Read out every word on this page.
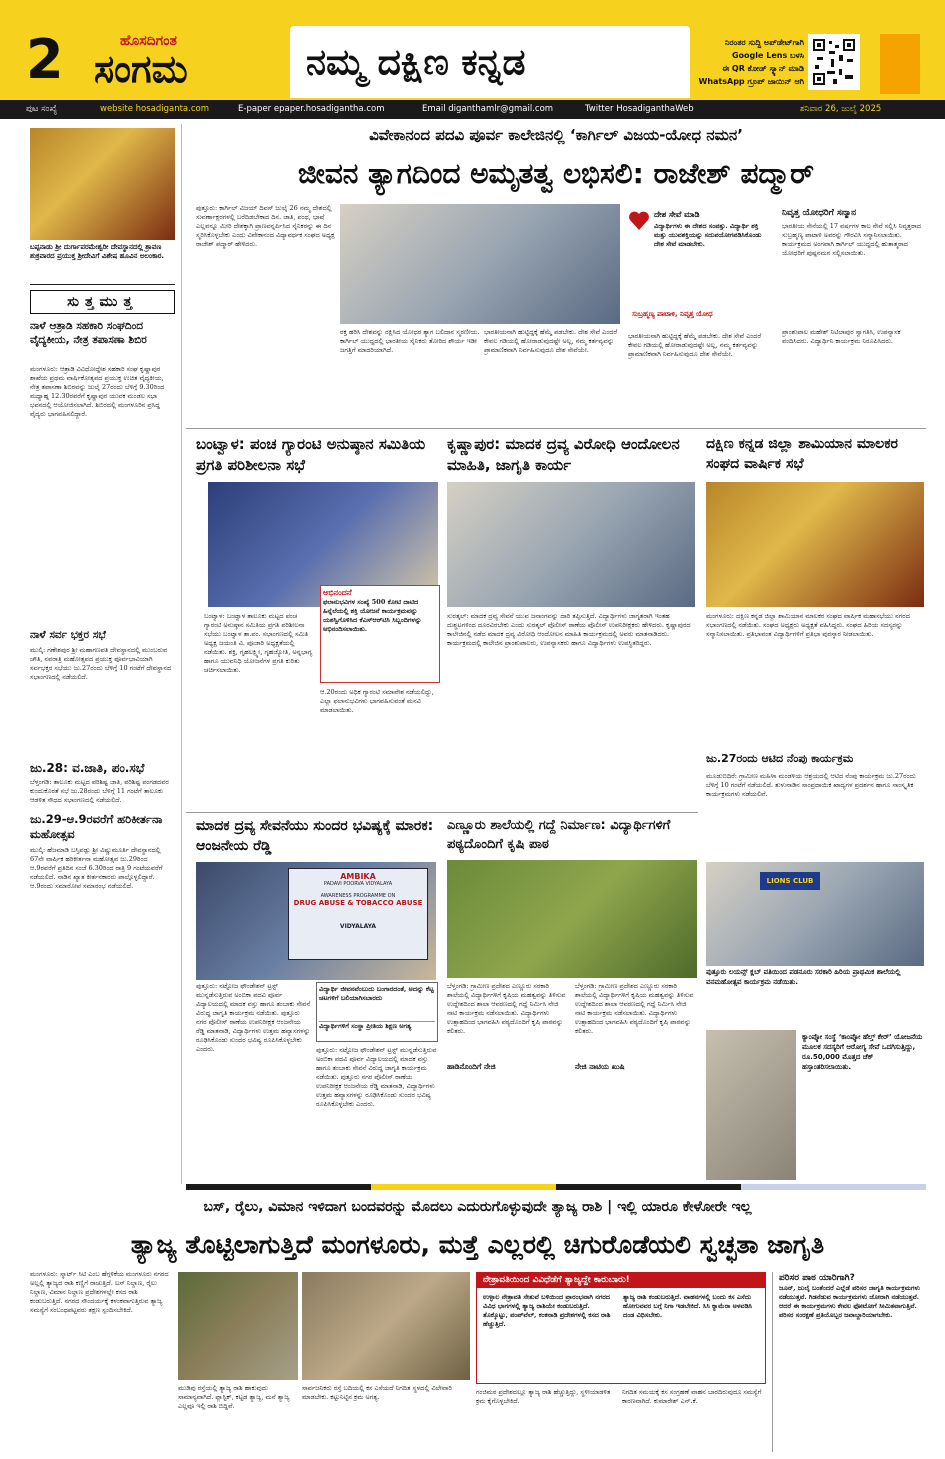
2	ಹೊಸದಿಗಂತ
ಸಂಗಮ	ನಮ್ಮ ದಕ್ಷಿಣ ಕನ್ನಡ	ನಿರಂತರ ಸುದ್ದಿ ಅಪ್‌ಡೇಟ್‌ಗಾಗಿ
Google Lens ಬಳಸಿ
ಈ QR ಕೋಡ್ ಸ್ಕ್ಯಾನ್ ಮಾಡಿ
WhatsApp ಗ್ರೂಪ್ ಜಾಯಿನ್ ಆಗಿ
ಪುಟ ಸಂಖ್ಯೆ	website hosadiganta.com	E-paper epaper.hosadigantha.com	Email diganthamlr@gmail.com	Twitter HosadiganthaWeb	ಶನಿವಾರ 26, ಜುಲೈ 2025
ಬಪ್ಪನಾಡು ಶ್ರೀ ದುರ್ಗಾಪರಮೇಶ್ವರೀ ದೇವಸ್ಥಾನದಲ್ಲಿ ಶ್ರಾವಣ ಶುಕ್ರವಾರದ ಪ್ರಯುಕ್ತ ಶ್ರೀದೇವಿಗೆ ವಿಶೇಷ ಹೂವಿನ ಅಲಂಕಾರ.
ಸುತ್ತಮುತ್ತ
ನಾಳೆ ಆತ್ರಾಡಿ ಸಹಕಾರಿ ಸಂಘದಿಂದ ವೈದ್ಯಕೀಯ, ನೇತ್ರ ತಪಾಸಣಾ ಶಿಬಿರ
ಮಂಗಳೂರು: ಆತ್ರಾಡಿ ವಿವಿಧೋದ್ದೇಶ ಸಹಕಾರಿ ಸಂಘ ಕೃಷ್ಣಾಪುರ ಶಾಖೆಯ ಪ್ರಥಮ ವಾರ್ಷಿಕೋತ್ಸವದ ಪ್ರಯುಕ್ತ ಉಚಿತ ವೈದ್ಯಕೀಯ, ನೇತ್ರ ತಪಾಸಣಾ ಶಿಬಿರವನ್ನು ಜುಲೈ 27ರಂದು ಬೆಳಿಗ್ಗೆ 9.30ರಿಂದ ಮಧ್ಯಾಹ್ನ 12.30ರವರೆಗೆ ಕೃಷ್ಣಾಪುರ ಯುವಕ ಮಂಡಲ ಸಭಾ ಭವನದಲ್ಲಿ ಆಯೋಜಿಸಲಾಗಿದೆ. ಶಿಬಿರದಲ್ಲಿ ಮಂಗಳೂರಿನ ಪ್ರಸಿದ್ಧ ವೈದ್ಯರು ಭಾಗವಹಿಸಲಿದ್ದಾರೆ.
ನಾಳೆ ಸರ್ವ ಭಕ್ತರ ಸಭೆ
ಮುಲ್ಕಿ: ಗಣೇಶಪುರ ಶ್ರೀ ಮಹಾಗಣಪತಿ ದೇವಸ್ಥಾನದಲ್ಲಿ ಮುಂಬರುವ ಚೌತಿ, ನವರಾತ್ರಿ ಮಹೋತ್ಸವದ ಪ್ರಯುಕ್ತ ಪೂರ್ವಭಾವಿಯಾಗಿ ಸರ್ವಭಕ್ತರ ಸಭೆಯು ಜು.27ರಂದು ಬೆಳಿಗ್ಗೆ 10 ಗಂಟೆಗೆ ದೇವಸ್ಥಾನದ ಸಭಾಂಗಣದಲ್ಲಿ ನಡೆಯಲಿದೆ.
ಜು.28: ವ.ಜಾತಿ, ಪಂ.ಸಭೆ
ಬೆಳ್ತಂಗಡಿ: ತಾಲೂಕು ಮಟ್ಟದ ಪರಿಶಿಷ್ಟ ಜಾತಿ, ಪರಿಶಿಷ್ಟ ಪಂಗಡದವರ ಕುಂದುಕೊರತೆ ಸಭೆ ಜು.28ರಂದು ಬೆಳಿಗ್ಗೆ 11 ಗಂಟೆಗೆ ತಾಲೂಕು ಆಡಳಿತ ಸೌಧದ ಸಭಾಂಗಣದಲ್ಲಿ ನಡೆಯಲಿದೆ.
ಜು.29-ಆ.9ರವರೆಗೆ ಹರಿಕೀರ್ತನಾ ಮಹೋತ್ಸವ
ಮುಲ್ಕಿ: ಹೆಜಮಾಡಿ ಬಸ್ತಿಪಡ್ಪು ಶ್ರೀ ವಿಷ್ಣುಮೂರ್ತಿ ದೇವಸ್ಥಾನದಲ್ಲಿ 67ನೇ ವಾರ್ಷಿಕ ಹರಿಕೀರ್ತನಾ ಮಹೋತ್ಸವ ಜು.29ರಿಂದ ಆ.9ರವರೆಗೆ ಪ್ರತಿದಿನ ಸಂಜೆ 6.30ರಿಂದ ರಾತ್ರಿ 9 ಗಂಟೆಯವರೆಗೆ ನಡೆಯಲಿದೆ. ನಾಡಿನ ಖ್ಯಾತ ಕೀರ್ತನಕಾರರು ಪಾಲ್ಗೊಳ್ಳಲಿದ್ದಾರೆ. ಆ.9ರಂದು ಸಮಾರೋಪ ಸಮಾರಂಭ ನಡೆಯಲಿದೆ.
ವಿವೇಕಾನಂದ ಪದವಿ ಪೂರ್ವ ಕಾಲೇಜಿನಲ್ಲಿ ‘ಕಾರ್ಗಿಲ್ ವಿಜಯ-ಯೋಧ ನಮನ’
ಜೀವನ ತ್ಯಾಗದಿಂದ ಅಮೃತತ್ವ ಲಭಿಸಲಿ: ರಾಜೇಶ್ ಪದ್ಮಾರ್
ಪುತ್ತೂರು: ಕಾರ್ಗಿಲ್ ವಿಜಯ್ ದಿವಸ್ ಜುಲೈ 26 ನಮ್ಮ ದೇಶದಲ್ಲಿ ಸುವರ್ಣಾಕ್ಷರಗಳಲ್ಲಿ ಬರೆದಿಡಬೇಕಾದ ದಿನ. ಜಾತಿ, ಪಂಥ, ಭಾಷೆ ಎಲ್ಲವನ್ನೂ ಮೀರಿ ದೇಶಕ್ಕಾಗಿ ಪ್ರಾಣವನ್ನರ್ಪಿಸಿದ ಸೈನಿಕರನ್ನು ಈ ದಿನ ಸ್ಮರಿಸಿಕೊಳ್ಳಬೇಕು ಎಂದು ವಿವೇಕಾನಂದ ವಿದ್ಯಾವರ್ಧಕ ಸಂಘದ ಅಧ್ಯಕ್ಷ ರಾಜೇಶ್ ಪದ್ಮಾರ್ ಹೇಳಿದರು.
ರಕ್ತ ಹರಿಸಿ ದೇಶವನ್ನು ರಕ್ಷಿಸಿದ ಯೋಧರ ತ್ಯಾಗ ಬಲಿದಾನ ಸ್ಮರಣೀಯ. ಕಾರ್ಗಿಲ್ ಯುದ್ಧದಲ್ಲಿ ಭಾರತೀಯ ಸೈನಿಕರು ತೋರಿದ ಶೌರ್ಯ ಇಡೀ ಜಗತ್ತಿಗೆ ಮಾದರಿಯಾಗಿದೆ.
ಭಾರತೀಯನಾಗಿ ಹುಟ್ಟಿದ್ದಕ್ಕೆ ಹೆಮ್ಮೆ ಪಡಬೇಕು. ದೇಶ ಸೇವೆ ಎಂದರೆ ಕೇವಲ ಗಡಿಯಲ್ಲಿ ಹೋರಾಡುವುದಷ್ಟೇ ಅಲ್ಲ, ನಮ್ಮ ಕರ್ತವ್ಯವನ್ನು ಪ್ರಾಮಾಣಿಕವಾಗಿ ನಿರ್ವಹಿಸುವುದೂ ದೇಶ ಸೇವೆಯೇ.
ದೇಶ ಸೇವೆ ಮಾಡಿ
ವಿದ್ಯಾರ್ಥಿಗಳು ಈ ದೇಶದ ಸಂಪತ್ತು. ವಿದ್ಯಾರ್ಥಿ ಶಕ್ತಿ ಮತ್ತು ಯುವಶಕ್ತಿಯನ್ನು ಸದುಪಯೋಗಪಡಿಸಿಕೊಂಡು ದೇಶ ಸೇವೆ ಮಾಡಬೇಕು.
ಸುಬ್ರಹ್ಮಣ್ಯ ಪಾಟಾಳಿ, ನಿವೃತ್ತ ಯೋಧ
ಭಾರತೀಯನಾಗಿ ಹುಟ್ಟಿದ್ದಕ್ಕೆ ಹೆಮ್ಮೆ ಪಡಬೇಕು. ದೇಶ ಸೇವೆ ಎಂದರೆ ಕೇವಲ ಗಡಿಯಲ್ಲಿ ಹೋರಾಡುವುದಷ್ಟೇ ಅಲ್ಲ, ನಮ್ಮ ಕರ್ತವ್ಯವನ್ನು ಪ್ರಾಮಾಣಿಕವಾಗಿ ನಿರ್ವಹಿಸುವುದೂ ದೇಶ ಸೇವೆಯೇ.
ನಿವೃತ್ತ ಯೋಧರಿಗೆ ಸನ್ಮಾನ
ಭಾರತೀಯ ಸೇನೆಯಲ್ಲಿ 17 ವರ್ಷಗಳ ಕಾಲ ಸೇವೆ ಸಲ್ಲಿಸಿ ನಿವೃತ್ತರಾದ ಸುಬ್ರಹ್ಮಣ್ಯ ಪಾಟಾಳಿ ಅವರನ್ನು ಗೌರವಿಸಿ ಸನ್ಮಾನಿಸಲಾಯಿತು. ಕಾರ್ಯಕ್ರಮದ ಅಂಗವಾಗಿ ಕಾರ್ಗಿಲ್ ಯುದ್ಧದಲ್ಲಿ ಹುತಾತ್ಮರಾದ ಯೋಧರಿಗೆ ಪುಷ್ಪನಮನ ಸಲ್ಲಿಸಲಾಯಿತು.
ಪ್ರಾಂಶುಪಾಲ ಮಹೇಶ್ ನಿಟಿಲಾಪುರ ಸ್ವಾಗತಿಸಿ, ಉಪನ್ಯಾಸಕ ವಂದಿಸಿದರು. ವಿದ್ಯಾರ್ಥಿನಿ ಕಾರ್ಯಕ್ರಮ ನಿರೂಪಿಸಿದರು.
ಬಂಟ್ವಾಳ: ಪಂಚ ಗ್ಯಾರಂಟಿ ಅನುಷ್ಠಾನ ಸಮಿತಿಯ ಪ್ರಗತಿ ಪರಿಶೀಲನಾ ಸಭೆ
ಬಂಟ್ವಾಳ: ಬಂಟ್ವಾಳ ತಾಲೂಕು ಮಟ್ಟದ ಪಂಚ ಗ್ಯಾರಂಟಿ ಅನುಷ್ಠಾನ ಸಮಿತಿಯ ಪ್ರಗತಿ ಪರಿಶೀಲನಾ ಸಭೆಯು ಬಂಟ್ವಾಳ ತಾ.ಪಂ. ಸಭಾಂಗಣದಲ್ಲಿ ಸಮಿತಿ ಅಧ್ಯಕ್ಷ ಜಯಂತಿ ವಿ. ಪೂಜಾರಿ ಅಧ್ಯಕ್ಷತೆಯಲ್ಲಿ ನಡೆಯಿತು. ಶಕ್ತಿ, ಗೃಹಲಕ್ಷ್ಮೀ, ಗೃಹಜ್ಯೋತಿ, ಅನ್ನಭಾಗ್ಯ ಹಾಗೂ ಯುವನಿಧಿ ಯೋಜನೆಗಳ ಪ್ರಗತಿ ಕುರಿತು ಚರ್ಚಿಸಲಾಯಿತು.
ಅಭಿನಂದನೆ
ಫಲಾನುಭವಿಗಳ ಸಂಖ್ಯೆ 500 ಕೋಟಿ ದಾಟಿದ ಹಿನ್ನೆಲೆಯಲ್ಲಿ ಶಕ್ತಿ ಯೋಜನೆ ಕಾರ್ಯಕ್ರಮವನ್ನು ಯಶಸ್ವಿಗೊಳಿಸಿದ ಕೆಎಸ್‌ಆರ್‌ಟಿಸಿ ಸಿಬ್ಬಂದಿಗಳನ್ನು ಅಭಿನಂದಿಸಲಾಯಿತು.
ಆ.20ರಂದು ಅಧಿಕ ಗ್ಯಾರಂಟಿ ಸಮಾವೇಶ ನಡೆಯಲಿದ್ದು, ಎಲ್ಲಾ ಫಲಾನುಭವಿಗಳು ಭಾಗವಹಿಸುವಂತೆ ಮನವಿ ಮಾಡಲಾಯಿತು.
ಕೃಷ್ಣಾಪುರ: ಮಾದಕ ದ್ರವ್ಯ ವಿರೋಧಿ ಆಂದೋಲನ ಮಾಹಿತಿ, ಜಾಗೃತಿ ಕಾರ್ಯ
ಸುರತ್ಕಲ್: ಮಾದಕ ದ್ರವ್ಯ ಸೇವನೆ ಯುವ ಜನಾಂಗವನ್ನು ದಾರಿ ತಪ್ಪಿಸುತ್ತಿದೆ. ವಿದ್ಯಾರ್ಥಿಗಳು ಜಾಗೃತರಾಗಿ ಇಂತಹ ದುಶ್ಚಟಗಳಿಂದ ದೂರವಿರಬೇಕು ಎಂದು ಸುರತ್ಕಲ್ ಪೊಲೀಸ್ ಠಾಣೆಯ ಪೊಲೀಸ್ ಉಪನಿರೀಕ್ಷಕರು ಹೇಳಿದರು. ಕೃಷ್ಣಾಪುರದ ಕಾಲೇಜಿನಲ್ಲಿ ನಡೆದ ಮಾದಕ ದ್ರವ್ಯ ವಿರೋಧಿ ಆಂದೋಲನ ಮಾಹಿತಿ ಕಾರ್ಯಕ್ರಮದಲ್ಲಿ ಅವರು ಮಾತನಾಡಿದರು. ಕಾರ್ಯಕ್ರಮದಲ್ಲಿ ಕಾಲೇಜಿನ ಪ್ರಾಂಶುಪಾಲರು, ಉಪನ್ಯಾಸಕರು ಹಾಗೂ ವಿದ್ಯಾರ್ಥಿಗಳು ಉಪಸ್ಥಿತರಿದ್ದರು.
ದಕ್ಷಿಣ ಕನ್ನಡ ಜಿಲ್ಲಾ ಶಾಮಿಯಾನ ಮಾಲಕರ ಸಂಘದ ವಾರ್ಷಿಕ ಸಭೆ
ಮಂಗಳೂರು: ದಕ್ಷಿಣ ಕನ್ನಡ ಜಿಲ್ಲಾ ಶಾಮಿಯಾನ ಮಾಲಕರ ಸಂಘದ ವಾರ್ಷಿಕ ಮಹಾಸಭೆಯು ನಗರದ ಸಭಾಂಗಣದಲ್ಲಿ ನಡೆಯಿತು. ಸಂಘದ ಅಧ್ಯಕ್ಷರು ಅಧ್ಯಕ್ಷತೆ ವಹಿಸಿದ್ದರು. ಸಂಘದ ಹಿರಿಯ ಸದಸ್ಯರನ್ನು ಸನ್ಮಾನಿಸಲಾಯಿತು. ಪ್ರತಿಭಾವಂತ ವಿದ್ಯಾರ್ಥಿಗಳಿಗೆ ಪ್ರತಿಭಾ ಪುರಸ್ಕಾರ ನೀಡಲಾಯಿತು.
ಜು.27ರಂದು ಆಟಿದ ನೆಂಪು ಕಾರ್ಯಕ್ರಮ
ಮೂಡುಬಿದಿರೆ: ಗ್ರಾಮೀಣ ಮಹಿಳಾ ಮಂಡಳಿಯ ಆಶ್ರಯದಲ್ಲಿ ಆಟಿದ ನೆಂಪು ಕಾರ್ಯಕ್ರಮ ಜು.27ರಂದು ಬೆಳಿಗ್ಗೆ 10 ಗಂಟೆಗೆ ನಡೆಯಲಿದೆ. ತುಳುನಾಡಿನ ಸಾಂಪ್ರದಾಯಿಕ ಖಾದ್ಯಗಳ ಪ್ರದರ್ಶನ ಹಾಗೂ ಸಾಂಸ್ಕೃತಿಕ ಕಾರ್ಯಕ್ರಮಗಳು ನಡೆಯಲಿವೆ.
ಮಾದಕ ದ್ರವ್ಯ ಸೇವನೆಯು ಸುಂದರ ಭವಿಷ್ಯಕ್ಕೆ ಮಾರಕ: ಆಂಜನೇಯ ರೆಡ್ಡಿ
AMBIKA
PADAVI POORVA VIDYALAYA
AWARENESS PROGRAMME ON
DRUG ABUSE & TOBACCO ABUSE
VIDYALAYA
ಪುತ್ತೂರು: ನಟ್ಟೋಜ ಫೌಂಡೇಶನ್ ಟ್ರಸ್ಟ್ ಮುನ್ನಡೆಸುತ್ತಿರುವ ಅಂಬಿಕಾ ಪದವಿ ಪೂರ್ವ ವಿದ್ಯಾಲಯದಲ್ಲಿ ಮಾದಕ ವಸ್ತು ಹಾಗೂ ತಂಬಾಕು ಸೇವನೆ ವಿರುದ್ಧ ಜಾಗೃತಿ ಕಾರ್ಯಕ್ರಮ ನಡೆಯಿತು. ಪುತ್ತೂರು ನಗರ ಪೊಲೀಸ್ ಠಾಣೆಯ ಉಪನಿರೀಕ್ಷಕ ಆಂಜನೇಯ ರೆಡ್ಡಿ ಮಾತನಾಡಿ, ವಿದ್ಯಾರ್ಥಿಗಳು ಉತ್ತಮ ಹವ್ಯಾಸಗಳನ್ನು ರೂಢಿಸಿಕೊಂಡು ಸುಂದರ ಭವಿಷ್ಯ ರೂಪಿಸಿಕೊಳ್ಳಬೇಕು ಎಂದರು.
ವಿದ್ಯಾರ್ಥಿ ಜೀವನವೆಂಬುದು ಬಂಗಾರದಂತೆ, ಅದನ್ನು ಕೆಟ್ಟ ಚಟಗಳಿಗೆ ಬಲಿಯಾಗಿಸಬಾರದು
ವಿದ್ಯಾರ್ಥಿಗಳಿಗೆ ಸಂಸ್ಥಾ ಪ್ರೀತಿಯ ಶಿಕ್ಷಣ ಅಗತ್ಯ
ಪುತ್ತೂರು: ನಟ್ಟೋಜ ಫೌಂಡೇಶನ್ ಟ್ರಸ್ಟ್ ಮುನ್ನಡೆಸುತ್ತಿರುವ ಅಂಬಿಕಾ ಪದವಿ ಪೂರ್ವ ವಿದ್ಯಾಲಯದಲ್ಲಿ ಮಾದಕ ವಸ್ತು ಹಾಗೂ ತಂಬಾಕು ಸೇವನೆ ವಿರುದ್ಧ ಜಾಗೃತಿ ಕಾರ್ಯಕ್ರಮ ನಡೆಯಿತು. ಪುತ್ತೂರು ನಗರ ಪೊಲೀಸ್ ಠಾಣೆಯ ಉಪನಿರೀಕ್ಷಕ ಆಂಜನೇಯ ರೆಡ್ಡಿ ಮಾತನಾಡಿ, ವಿದ್ಯಾರ್ಥಿಗಳು ಉತ್ತಮ ಹವ್ಯಾಸಗಳನ್ನು ರೂಢಿಸಿಕೊಂಡು ಸುಂದರ ಭವಿಷ್ಯ ರೂಪಿಸಿಕೊಳ್ಳಬೇಕು ಎಂದರು.
ಎಣ್ಣೂರು ಶಾಲೆಯಲ್ಲಿ ಗದ್ದೆ ನಿರ್ಮಾಣ: ವಿದ್ಯಾರ್ಥಿಗಳಿಗೆ ಪಠ್ಯದೊಂದಿಗೆ ಕೃಷಿ ಪಾಠ
ಬೆಳ್ತಂಗಡಿ: ಗ್ರಾಮೀಣ ಪ್ರದೇಶದ ಎಣ್ಣೂರು ಸರಕಾರಿ ಶಾಲೆಯಲ್ಲಿ ವಿದ್ಯಾರ್ಥಿಗಳಿಗೆ ಕೃಷಿಯ ಮಹತ್ವವನ್ನು ತಿಳಿಸುವ ಉದ್ದೇಶದಿಂದ ಶಾಲಾ ಆವರಣದಲ್ಲಿ ಗದ್ದೆ ನಿರ್ಮಿಸಿ ನೇಜಿ ನಾಟಿ ಕಾರ್ಯಕ್ರಮ ನಡೆಸಲಾಯಿತು. ವಿದ್ಯಾರ್ಥಿಗಳು ಉತ್ಸಾಹದಿಂದ ಭಾಗವಹಿಸಿ ಪಠ್ಯದೊಂದಿಗೆ ಕೃಷಿ ಪಾಠವನ್ನು ಕಲಿತರು.
ಹಾಡಿನೊಂದಿಗೆ ನೇಜಿ
ಬೆಳ್ತಂಗಡಿ: ಗ್ರಾಮೀಣ ಪ್ರದೇಶದ ಎಣ್ಣೂರು ಸರಕಾರಿ ಶಾಲೆಯಲ್ಲಿ ವಿದ್ಯಾರ್ಥಿಗಳಿಗೆ ಕೃಷಿಯ ಮಹತ್ವವನ್ನು ತಿಳಿಸುವ ಉದ್ದೇಶದಿಂದ ಶಾಲಾ ಆವರಣದಲ್ಲಿ ಗದ್ದೆ ನಿರ್ಮಿಸಿ ನೇಜಿ ನಾಟಿ ಕಾರ್ಯಕ್ರಮ ನಡೆಸಲಾಯಿತು. ವಿದ್ಯಾರ್ಥಿಗಳು ಉತ್ಸಾಹದಿಂದ ಭಾಗವಹಿಸಿ ಪಠ್ಯದೊಂದಿಗೆ ಕೃಷಿ ಪಾಠವನ್ನು ಕಲಿತರು.
ನೇಜಿ ನಾಟಿಯ ಖುಷಿ
LIONS CLUB
ಪುತ್ತೂರು ಲಯನ್ಸ್ ಕ್ಲಬ್ ವತಿಯಿಂದ ಪಡನೂರು ಸರಕಾರಿ ಹಿರಿಯ ಪ್ರಾಥಮಿಕ ಶಾಲೆಯಲ್ಲಿ ವನಮಹೋತ್ಸವ ಕಾರ್ಯಕ್ರಮ ನಡೆಯಿತು.
ಕ್ಯಾಂಪ್ಕೋ ಸಂಸ್ಥೆ ‘ಕಾಂಪ್ಕೋ ಹೆಲ್ತ್ ಕೇರ್’ ಯೋಜನೆಯ ಮೂಲಕ ಸದಸ್ಯರಿಗೆ ಆರೋಗ್ಯ ಸೇವೆ ಒದಗಿಸುತ್ತಿದ್ದು, ರೂ.50,000 ಮೊತ್ತದ ಚೆಕ್ ಹಸ್ತಾಂತರಿಸಲಾಯಿತು.
ಬಸ್, ರೈಲು, ವಿಮಾನ ಇಳಿದಾಗ ಬಂದವರನ್ನು ಮೊದಲು ಎದುರುಗೊಳ್ಳುವುದೇ ತ್ಯಾಜ್ಯ ರಾಶಿ | ಇಲ್ಲಿ ಯಾರೂ ಕೇಳೋರೇ ಇಲ್ಲ
ತ್ಯಾಜ್ಯ ತೊಟ್ಟಿಲಾಗುತ್ತಿದೆ ಮಂಗಳೂರು, ಮತ್ತೆ ಎಲ್ಲರಲ್ಲಿ ಚಿಗುರೊಡೆಯಲಿ ಸ್ವಚ್ಛತಾ ಜಾಗೃತಿ
ಮಂಗಳೂರು: ಸ್ಮಾರ್ಟ್ ಸಿಟಿ ಎಂಬ ಹೆಗ್ಗಳಿಕೆಯ ಮಂಗಳೂರು ನಗರದ ಅಲ್ಲಲ್ಲಿ ತ್ಯಾಜ್ಯದ ರಾಶಿ ಕಣ್ಣಿಗೆ ರಾಚುತ್ತಿದೆ. ಬಸ್ ನಿಲ್ದಾಣ, ರೈಲು ನಿಲ್ದಾಣ, ವಿಮಾನ ನಿಲ್ದಾಣ ಪ್ರದೇಶಗಳಲ್ಲೇ ಕಸದ ರಾಶಿ ಕಂಡುಬರುತ್ತಿದೆ. ನಗರದ ಸೌಂದರ್ಯಕ್ಕೆ ಕಳಂಕವಾಗುತ್ತಿರುವ ತ್ಯಾಜ್ಯ ಸಮಸ್ಯೆಗೆ ಸಂಬಂಧಪಟ್ಟವರು ತಕ್ಷಣ ಸ್ಪಂದಿಸಬೇಕಿದೆ.
ಮುಡಿಪು ರಸ್ತೆಯಲ್ಲಿ ತ್ಯಾಜ್ಯ ರಾಶಿ ಹಾಕುವುದು ಸಾಮಾನ್ಯವಾಗಿದೆ. ಪ್ಲಾಸ್ಟಿಕ್, ಕಟ್ಟಡ ತ್ಯಾಜ್ಯ, ಮನೆ ತ್ಯಾಜ್ಯ ಎಲ್ಲವೂ ಇಲ್ಲಿ ರಾಶಿ ಬಿದ್ದಿವೆ.
ಸಾರ್ವಜನಿಕರು ರಸ್ತೆ ಬದಿಯಲ್ಲಿ ಕಸ ಎಸೆಯದೆ ನಿಗದಿತ ಸ್ಥಳದಲ್ಲಿ ವಿಲೇವಾರಿ ಮಾಡಬೇಕು. ಕಟ್ಟುನಿಟ್ಟಿನ ಕ್ರಮ ಅಗತ್ಯ.
ನೇತ್ರಾವತಿಯಿಂದ ವಿವಿಧೆಡೆಗೆ ತ್ಯಾಜ್ಯದ್ದೇ ಕಾರುಬಾರು!
ಉಳ್ಳಾಲ ನೇತ್ರಾವತಿ ಸೇತುವೆ ಬಳಿಯಿಂದ ಪ್ರಾರಂಭವಾಗಿ ನಗರದ ವಿವಿಧ ಭಾಗಗಳಲ್ಲಿ ತ್ಯಾಜ್ಯ ರಾಶಿಯೇ ಕಂಡುಬರುತ್ತಿದೆ. ತೊಕ್ಕೊಟ್ಟು, ಪಂಪ್‌ವೆಲ್, ಕಂಕನಾಡಿ ಪ್ರದೇಶಗಳಲ್ಲಿ ಕಸದ ರಾಶಿ ಹೆಚ್ಚುತ್ತಿದೆ.
ತ್ಯಾಜ್ಯ ರಾಶಿ ಕಂಡುಬರುತ್ತಿದೆ. ವಾಹನಗಳಲ್ಲಿ ಬಂದು ಕಸ ಎಸೆದು ಹೋಗುವವರ ಬಗ್ಗೆ ನಿಗಾ ಇಡಬೇಕಿದೆ. ಸಿಸಿ ಕ್ಯಾಮೆರಾ ಅಳವಡಿಸಿ ದಂಡ ವಿಧಿಸಬೇಕು.
ಗಂಜಿಮಠ ಪ್ರದೇಶದಲ್ಲೂ ತ್ಯಾಜ್ಯ ರಾಶಿ ಹೆಚ್ಚುತ್ತಿದ್ದು, ಸ್ಥಳೀಯಾಡಳಿತ ಕ್ರಮ ಕೈಗೊಳ್ಳಬೇಕಿದೆ.
ನಿಗದಿತ ಸಮಯಕ್ಕೆ ಕಸ ಸಂಗ್ರಹಣೆ ವಾಹನ ಬಾರದಿರುವುದೂ ಸಮಸ್ಯೆಗೆ ಕಾರಣವಾಗಿದೆ. ಕುಮಾರೇಶ್ ಎನ್.ಕೆ.
ಪರಿಸರ ಪಾಠ ಯಾರಿಗಾಗಿ?
ಜೂನ್, ಜುಲೈ ಬಂತೆಂದರೆ ಎಲ್ಲೆಡೆ ಪರಿಸರ ಜಾಗೃತಿ ಕಾರ್ಯಕ್ರಮಗಳು ನಡೆಯುತ್ತವೆ. ಗಿಡನೆಡುವ ಕಾರ್ಯಕ್ರಮಗಳು ಜೋರಾಗಿ ನಡೆಯುತ್ತವೆ. ಆದರೆ ಈ ಕಾರ್ಯಕ್ರಮಗಳು ಕೇವಲ ಫೋಟೋಗೆ ಸೀಮಿತವಾಗುತ್ತಿವೆ. ಪರಿಸರ ಸಂರಕ್ಷಣೆ ಪ್ರತಿಯೊಬ್ಬರ ಜವಾಬ್ದಾರಿಯಾಗಬೇಕು.
